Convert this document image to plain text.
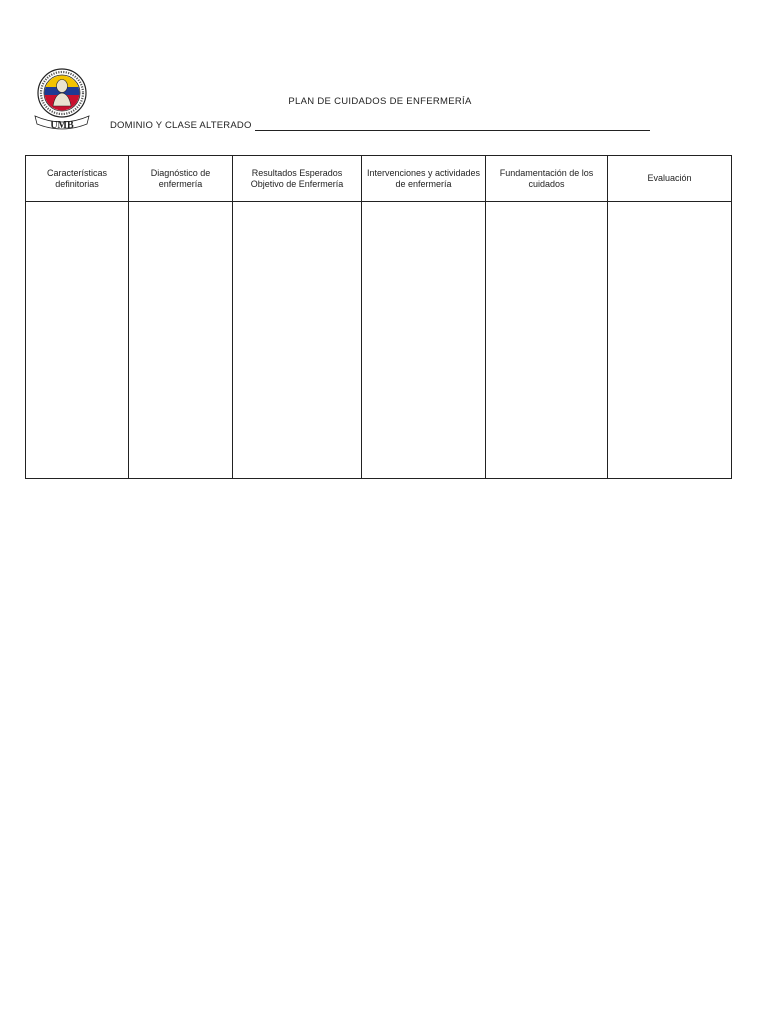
UMB
PLAN DE CUIDADOS DE ENFERMERÍA
DOMINIO Y CLASE ALTERADO
Características definitorias	Diagnóstico de enfermería	Resultados Esperados Objetivo de Enfermería	Intervenciones y actividades de enfermería	Fundamentación de los cuidados	Evaluación
